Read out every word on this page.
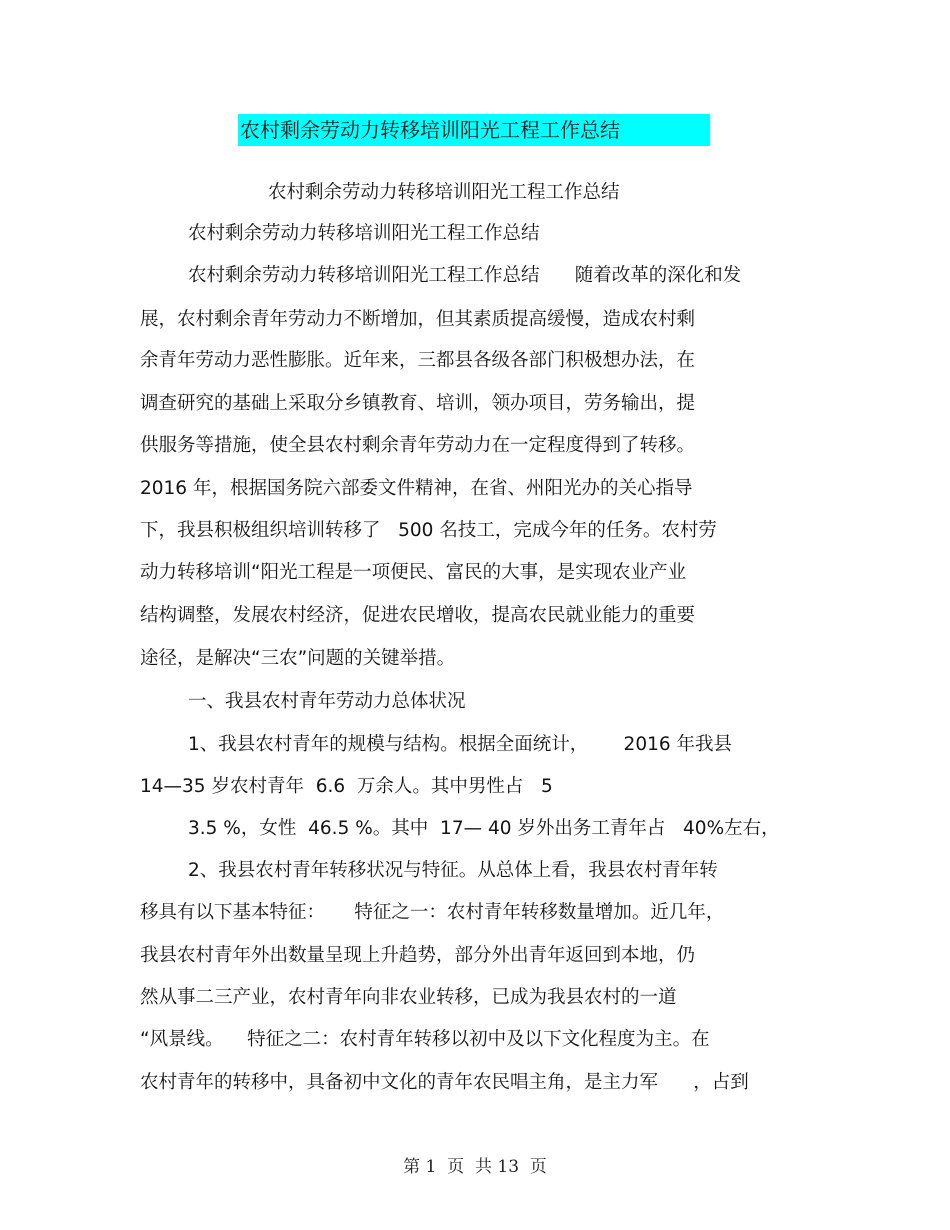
农村剩余劳动力转移培训阳光工程工作总结
农村剩余劳动力转移培训阳光工程工作总结
农村剩余劳动力转移培训阳光工程工作总结
农村剩余劳动力转移培训阳光工程工作总结      随着改革的深化和发
展，农村剩余青年劳动力不断增加，但其素质提高缓慢，造成农村剩
余青年劳动力恶性膨胀。近年来，三都县各级各部门积极想办法，在
调查研究的基础上采取分乡镇教育、培训，领办项目，劳务输出，提
供服务等措施，使全县农村剩余青年劳动力在一定程度得到了转移。
2016 年，根据国务院六部委文件精神，在省、州阳光办的关心指导
下，我县积极组织培训转移了   500 名技工，完成今年的任务。农村劳
动力转移培训“阳光工程是一项便民、富民的大事，是实现农业产业
结构调整，发展农村经济，促进农民增收，提高农民就业能力的重要
途径，是解决“三农”问题的关键举措。
一、我县农村青年劳动力总体状况
1、我县农村青年的规模与结构。根据全面统计，      2016 年我县
14—35 岁农村青年  6.6  万余人。其中男性占   5
3.5 %，女性  46.5 %。其中  17— 40 岁外出务工青年占   40%左右，
2、我县农村青年转移状况与特征。从总体上看，我县农村青年转
移具有以下基本特征：     特征之一：农村青年转移数量增加。近几年，
我县农村青年外出数量呈现上升趋势，部分外出青年返回到本地，仍
然从事二三产业，农村青年向非农业转移，已成为我县农村的一道
“风景线。    特征之二：农村青年转移以初中及以下文化程度为主。在
农村青年的转移中，具备初中文化的青年农民唱主角，是主力军      ，占到
第 1  页  共 13  页
